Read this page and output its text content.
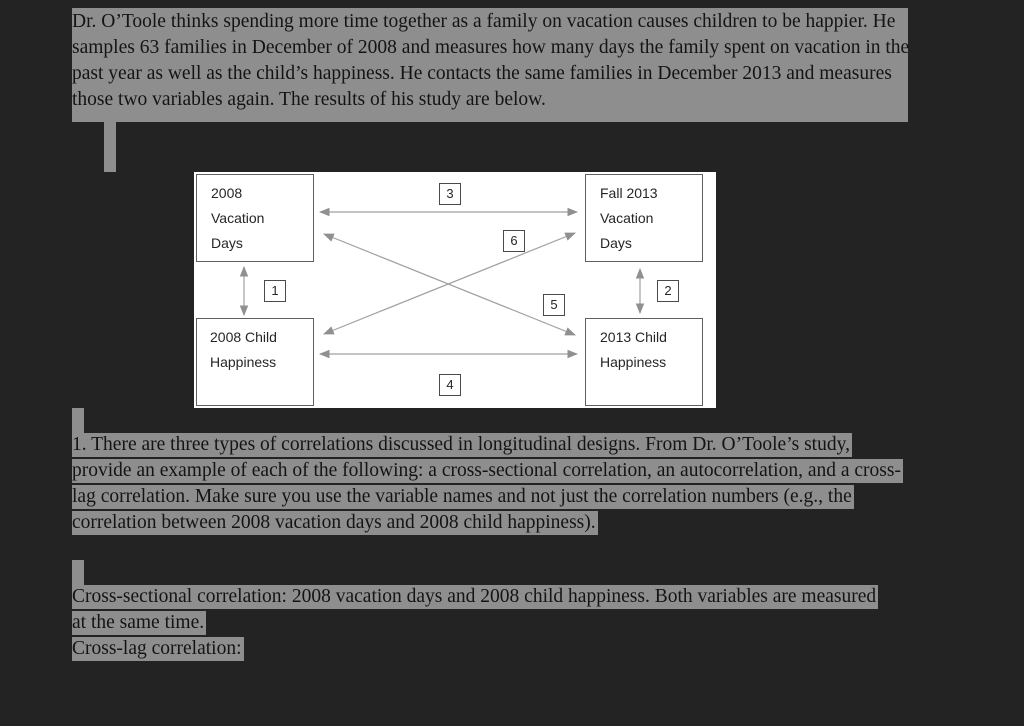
Dr. O’Toole thinks spending more time together as a family on vacation causes children to be happier. He samples 63 families in December of 2008 and measures how many days the family spent on vacation in the past year as well as the child’s happiness. He contacts the same families in December 2013 and measures those two variables again. The results of his study are below.

2008
Vacation
Days
Fall 2013
Vacation
Days
2008 Child
Happiness
2013 Child
Happiness
1	2
3
4
5
6

1. There are three types of correlations discussed in longitudinal designs. From Dr. O’Toole’s study, provide an example of each of the following: a cross-sectional correlation, an autocorrelation, and a cross-lag correlation. Make sure you use the variable names and not just the correlation numbers (e.g., the correlation between 2008 vacation days and 2008 child happiness).

Cross-sectional correlation: 2008 vacation days and 2008 child happiness. Both variables are measured at the same time.
Cross-lag correlation:
